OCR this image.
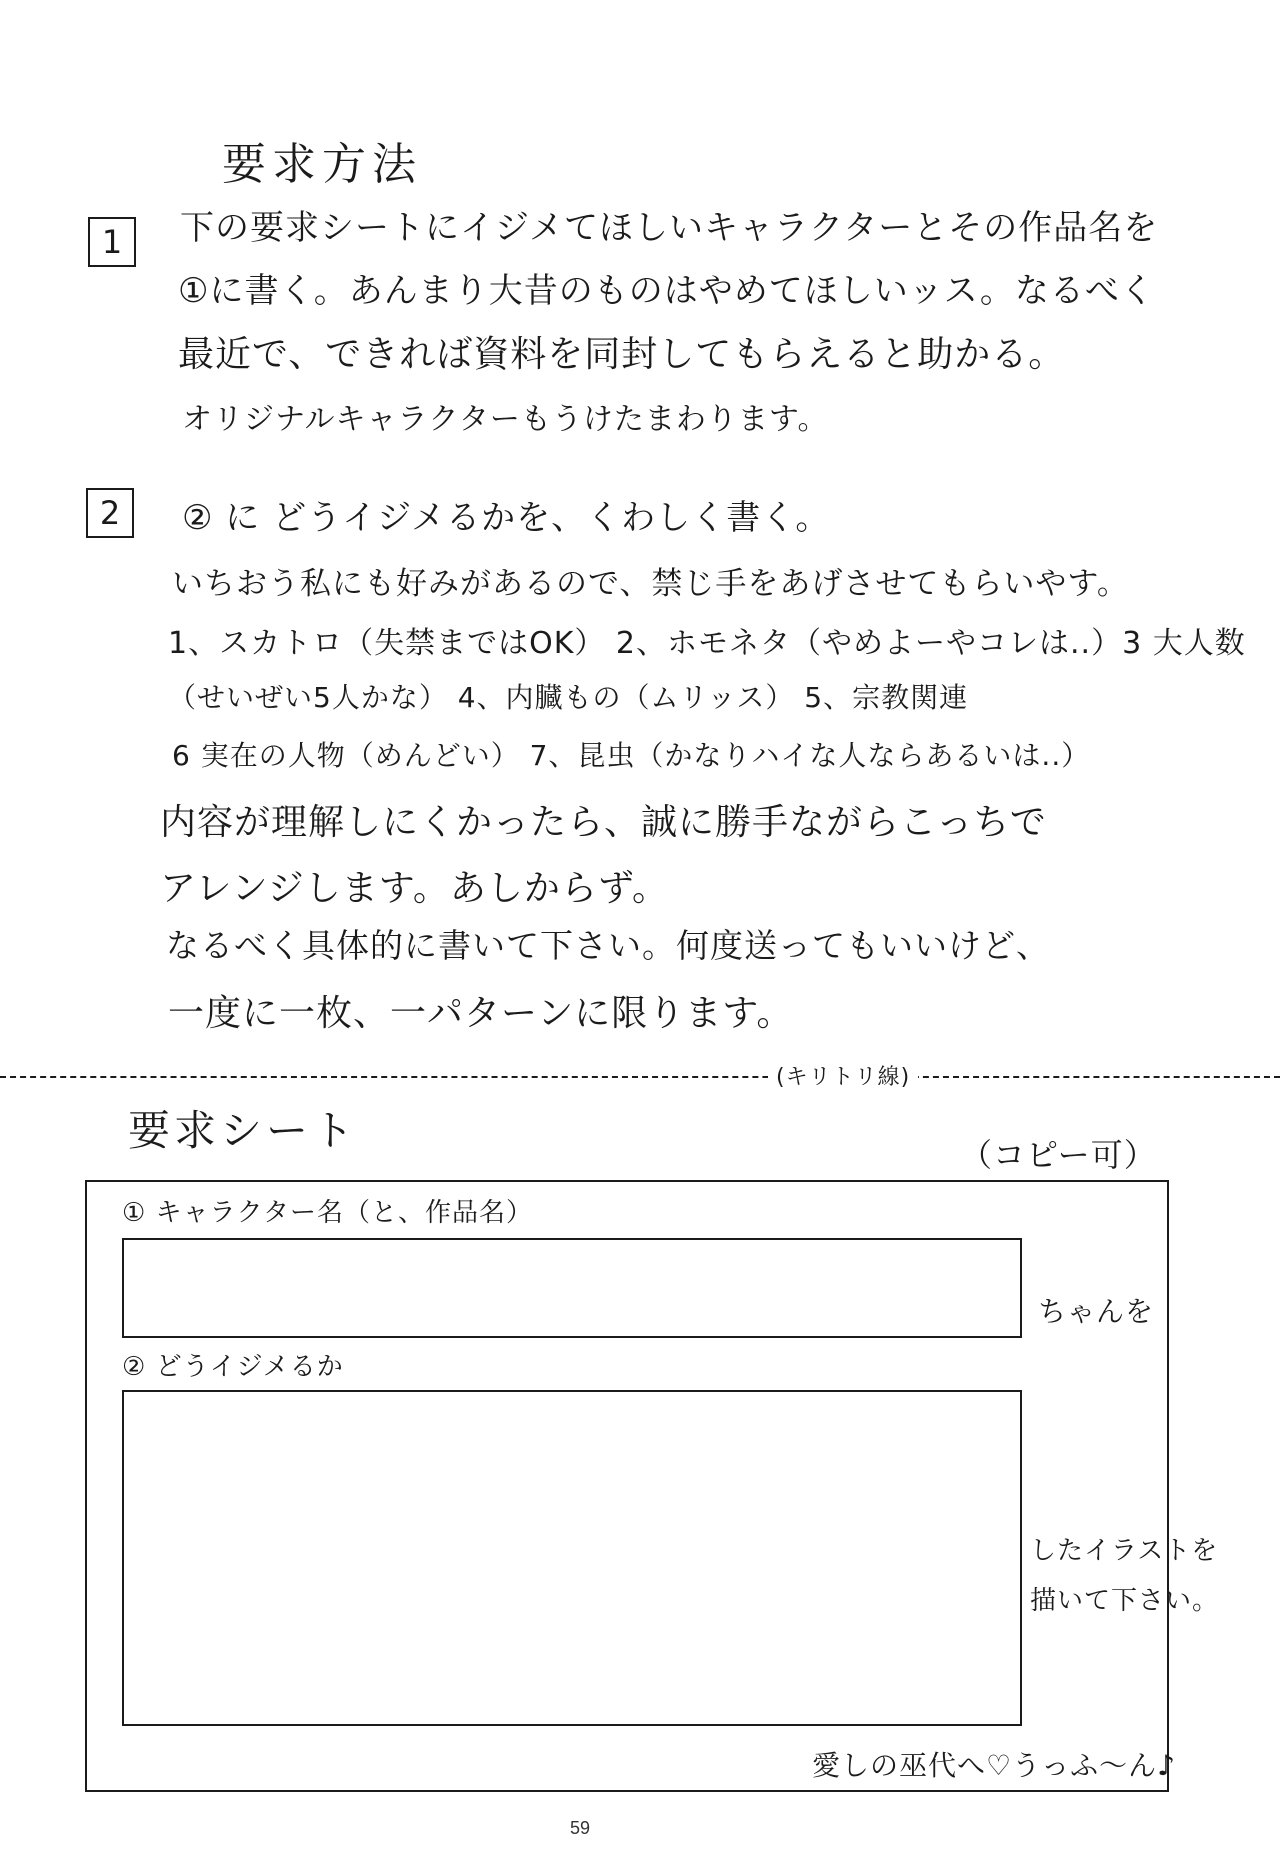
要求方法
1	下の要求シートにイジメてほしいキャラクターとその作品名を
①に書く。あんまり大昔のものはやめてほしいッス。なるべく
最近で、できれば資料を同封してもらえると助かる。
オリジナルキャラクターもうけたまわります。
2	② に どうイジメるかを、くわしく書く。
いちおう私にも好みがあるので、禁じ手をあげさせてもらいやす。
1、スカトロ（失禁まではOK） 2、ホモネタ（やめよーやコレは..）3 大人数
（せいぜい5人かな） 4、内臓もの（ムリッス） 5、宗教関連
6 実在の人物（めんどい） 7、昆虫（かなりハイな人ならあるいは..）
内容が理解しにくかったら、誠に勝手ながらこっちで
アレンジします。あしからず。
なるべく具体的に書いて下さい。何度送ってもいいけど、
一度に一枚、一パターンに限ります。
(キリトリ線)
要求シート	（コピー可）
① キャラクター名（と、作品名）
ちゃんを
② どうイジメるか
したイラストを
描いて下さい。
愛しの巫代へ♡うっふ～ん♪
59
